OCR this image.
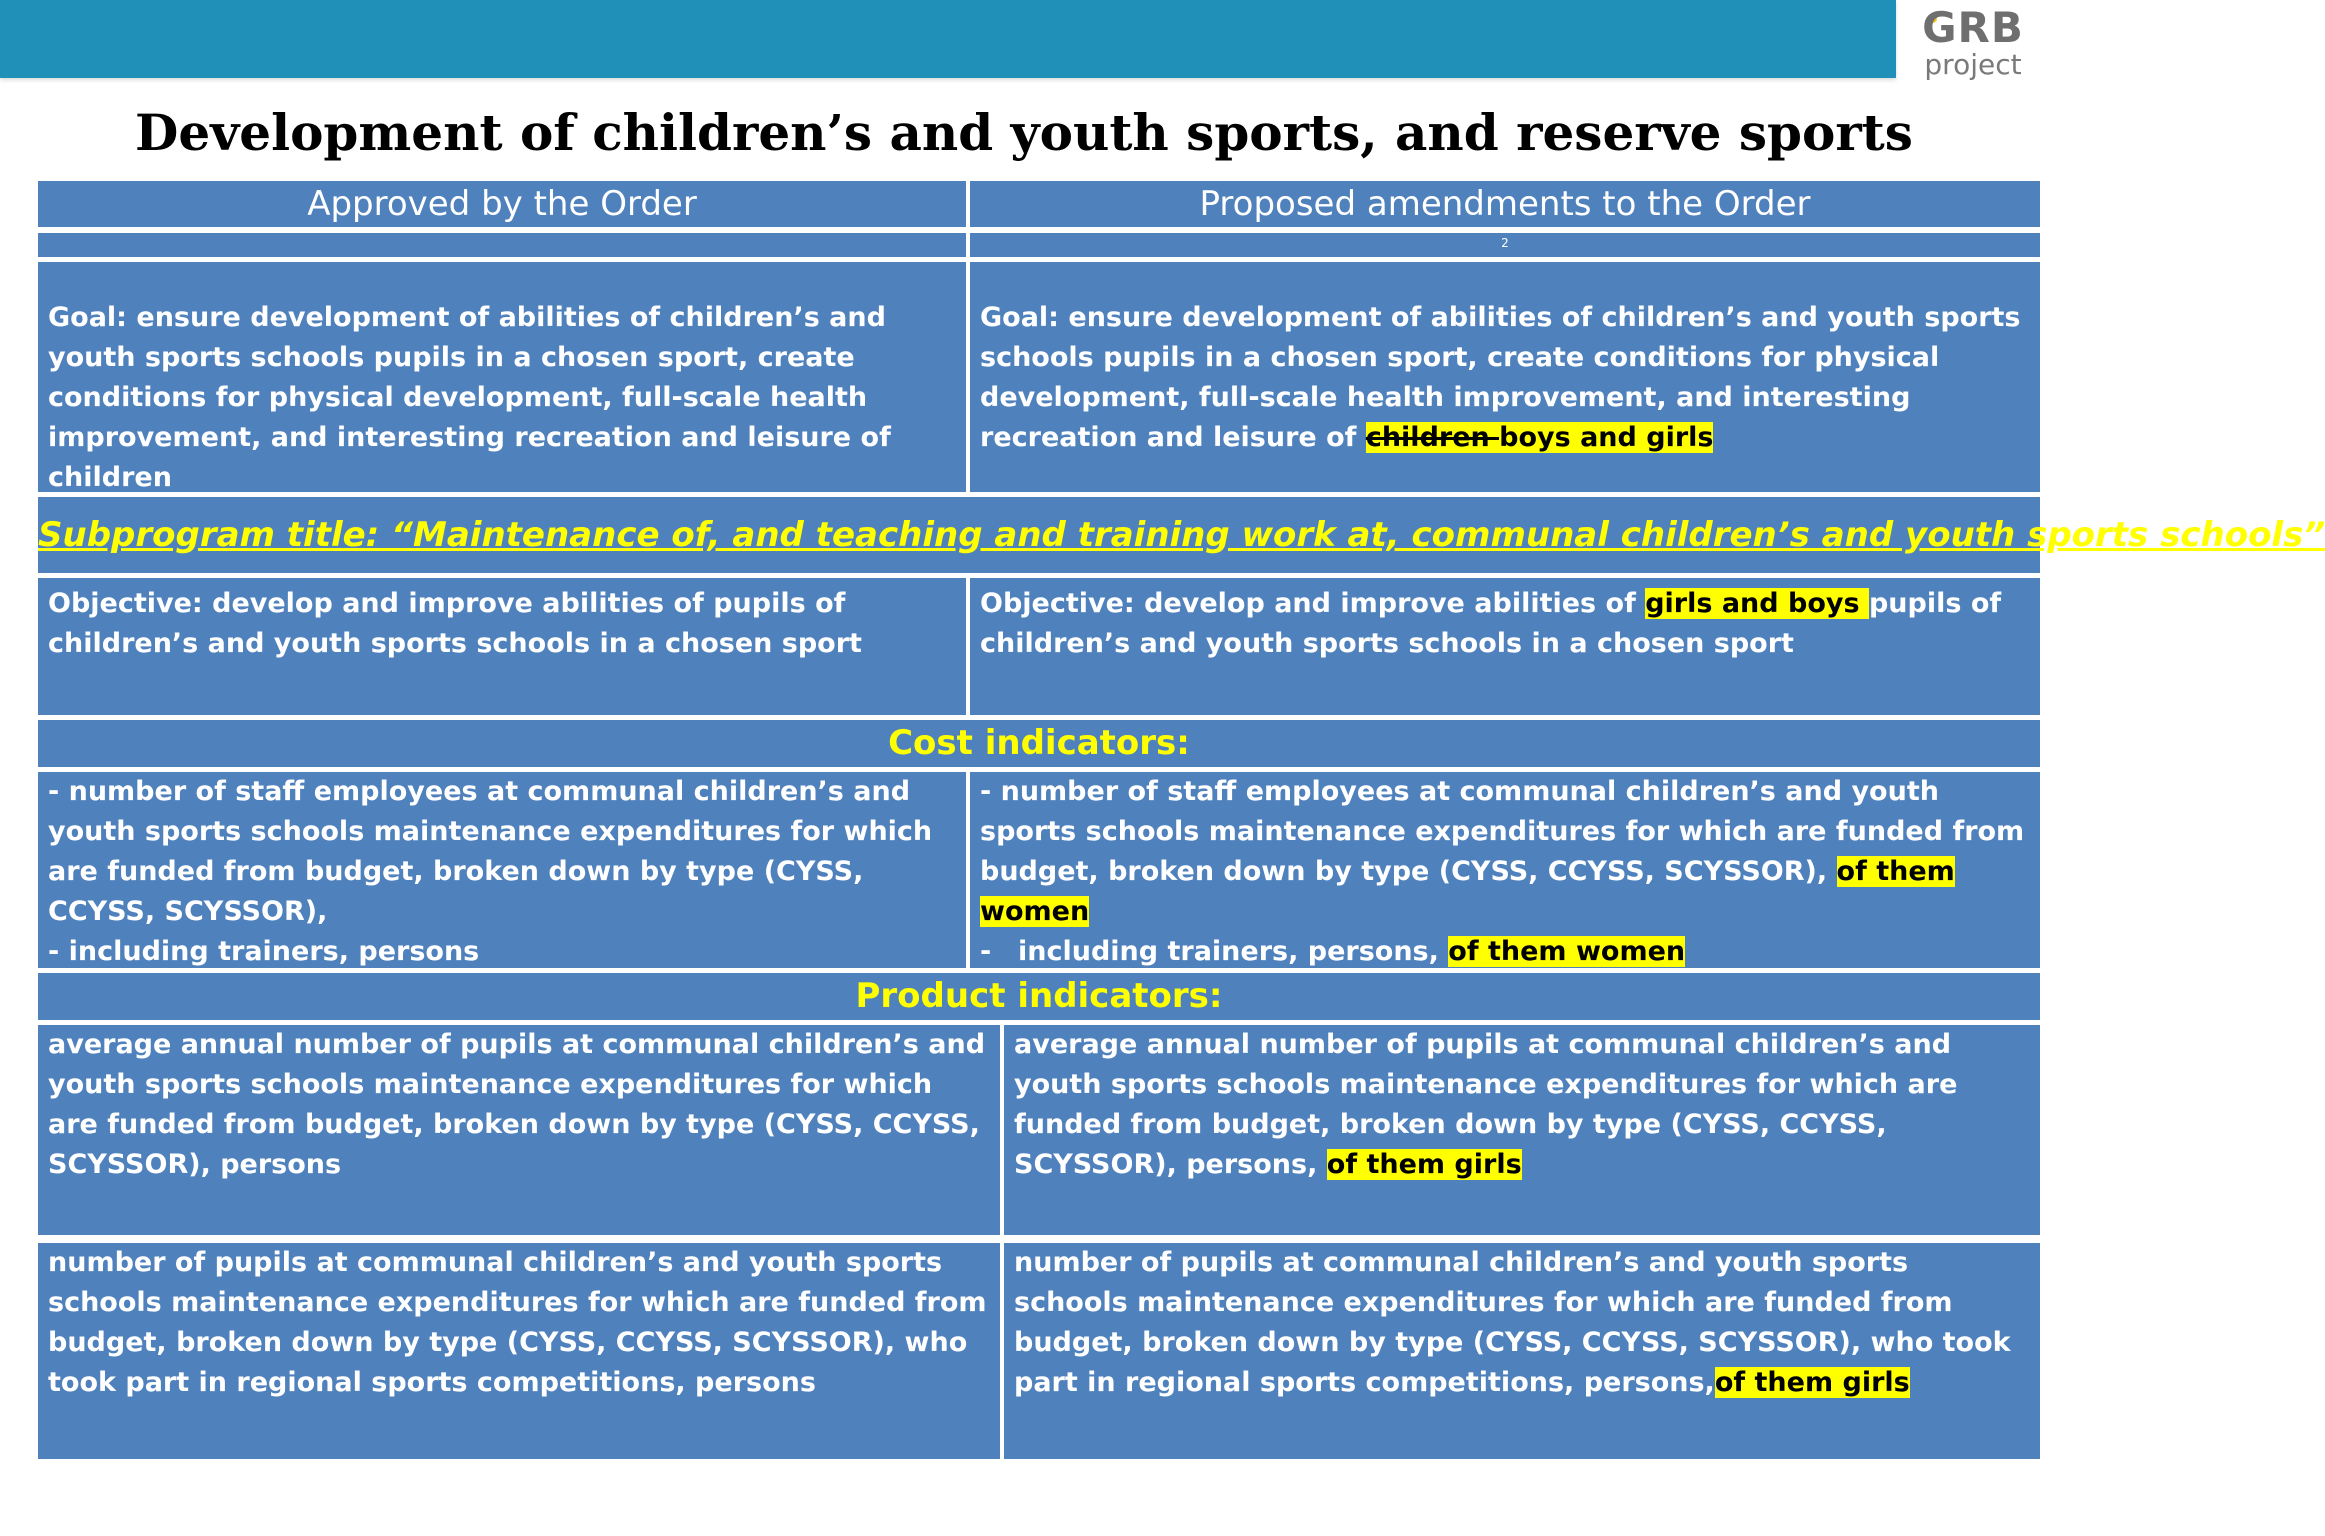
GRB
project
Development of children’s and youth sports, and reserve sports
Approved by the Order	Proposed amendments to the Order
2
Goal: ensure development of abilities of children’s and youth sports schools pupils in a chosen sport, create conditions for physical development, full-scale health improvement, and interesting recreation and leisure of children
Goal: ensure development of abilities of children’s and youth sports schools pupils in a chosen sport, create conditions for physical development, full-scale health improvement, and interesting recreation and leisure of children boys and girls
Subprogram title: “Maintenance of, and teaching and training work at, communal children’s and youth sports schools”
Objective: develop and improve abilities of pupils of children’s and youth sports schools in a chosen sport
Objective: develop and improve abilities of girls and boys pupils of children’s and youth sports schools in a chosen sport
Cost indicators:
- number of staff employees at communal children’s and youth sports schools maintenance expenditures for which are funded from budget, broken down by type (CYSS, CCYSS, SCYSSOR),
- including trainers, persons
- number of staff employees at communal children’s and youth sports schools maintenance expenditures for which are funded from budget, broken down by type (CYSS, CCYSS, SCYSSOR), of them women
- including trainers, persons, of them women
Product indicators:
average annual number of pupils at communal children’s and youth sports schools maintenance expenditures for which are funded from budget, broken down by type (CYSS, CCYSS, SCYSSOR), persons
average annual number of pupils at communal children’s and youth sports schools maintenance expenditures for which are funded from budget, broken down by type (CYSS, CCYSS, SCYSSOR), persons, of them girls
number of pupils at communal children’s and youth sports schools maintenance expenditures for which are funded from budget, broken down by type (CYSS, CCYSS, SCYSSOR), who took part in regional sports competitions, persons
number of pupils at communal children’s and youth sports schools maintenance expenditures for which are funded from budget, broken down by type (CYSS, CCYSS, SCYSSOR), who took part in regional sports competitions, persons,of them girls
